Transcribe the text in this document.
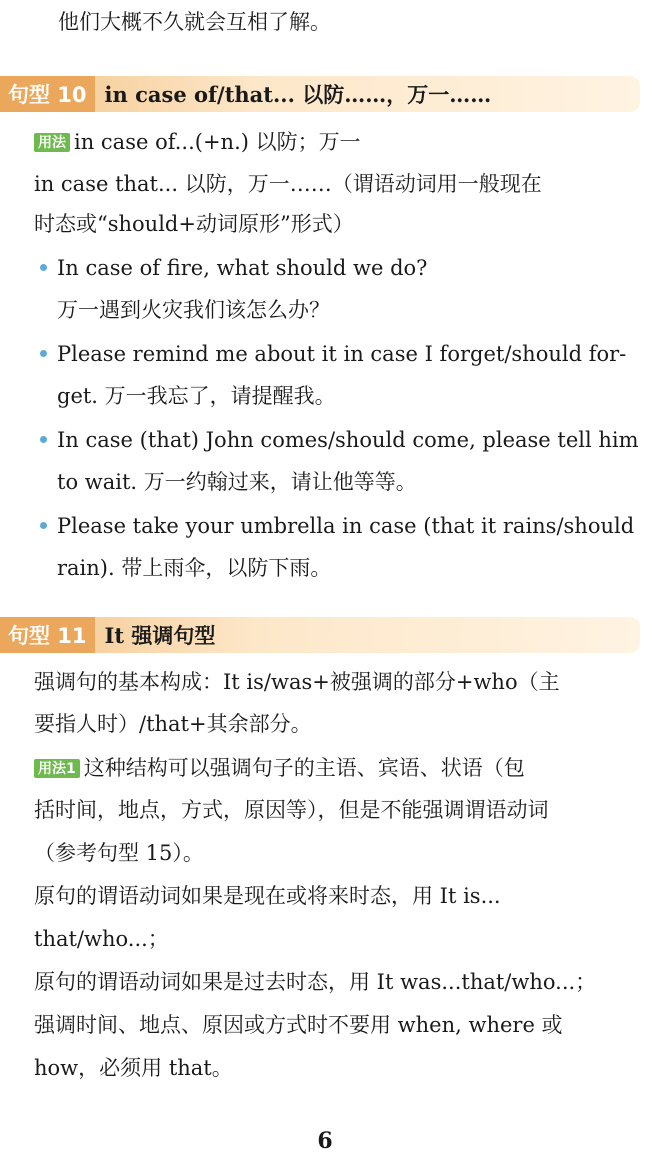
他们大概不久就会互相了解。
句型 10 in case of/that... 以防……，万一……
用法 in case of...(+n.) 以防；万一
in case that... 以防，万一……（谓语动词用一般现在
时态或“should+动词原形”形式）
In case of fire, what should we do?
万一遇到火灾我们该怎么办？
Please remind me about it in case I forget/should for-
get. 万一我忘了，请提醒我。
In case (that) John comes/should come, please tell him
to wait. 万一约翰过来，请让他等等。
Please take your umbrella in case (that it rains/should
rain). 带上雨伞，以防下雨。
句型 11 It 强调句型
强调句的基本构成：It is/was+被强调的部分+who（主
要指人时）/that+其余部分。
用法1 这种结构可以强调句子的主语、宾语、状语（包
括时间，地点，方式，原因等），但是不能强调谓语动词
（参考句型 15）。
原句的谓语动词如果是现在或将来时态，用 It is...
that/who...；
原句的谓语动词如果是过去时态，用 It was...that/who...；
强调时间、地点、原因或方式时不要用 when, where 或
how，必须用 that。
6
